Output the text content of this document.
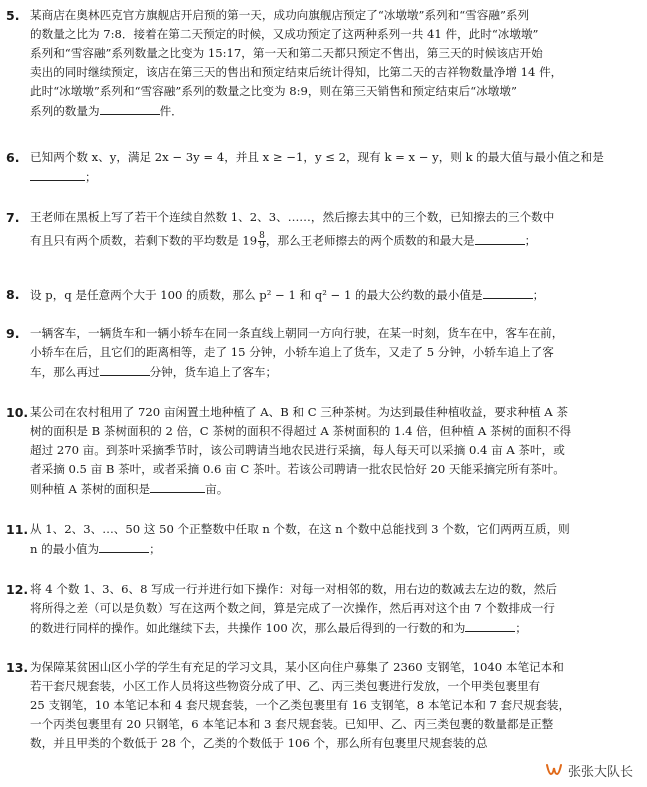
5. 某商店在奥林匹克官方旗舰店开启预的第一天，成功向旗舰店预定了“冰墩墩”系列和“雪容融”系列
的数量之比为 7:8．接着在第二天预定的时候，又成功预定了这两种系列一共 41 件，此时“冰墩墩”
系列和“雪容融”系列数量之比变为 15:17，第一天和第二天都只预定不售出，第三天的时候该店开始
卖出的同时继续预定，该店在第三天的售出和预定结束后统计得知，比第二天的吉祥物数量净增 14 件，
此时“冰墩墩”系列和“雪容融”系列的数量之比变为 8:9，则在第三天销售和预定结束后“冰墩墩”
系列的数量为	件．
6. 已知两个数 x、y，满足 2x − 3y = 4，并且 x ≥ −1，y ≤ 2，现有 k = x − y，则 k 的最大值与最小值之和是
；
7. 王老师在黑板上写了若干个连续自然数 1、2、3、……，然后擦去其中的三个数，已知擦去的三个数中
有且只有两个质数，若剩下数的平均数是 $19 \frac{8}{9}$ ，那么王老师擦去的两个质数的和最大是	；
8. 设 p，q 是任意两个大于 100 的质数，那么 p² − 1 和 q² − 1 的最大公约数的最小值是	；
9. 一辆客车，一辆货车和一辆小轿车在同一条直线上朝同一方向行驶，在某一时刻，货车在中，客车在前，
小轿车在后，且它们的距离相等，走了 15 分钟，小轿车追上了货车，又走了 5 分钟，小轿车追上了客
车，那么再过	分钟，货车追上了客车；
10. 某公司在农村租用了 720 亩闲置土地种植了 A、B 和 C 三种茶树。为达到最佳种植收益，要求种植 A 茶
树的面积是 B 茶树面积的 2 倍，C 茶树的面积不得超过 A 茶树面积的 1.4 倍，但种植 A 茶树的面积不得
超过 270 亩。到茶叶采摘季节时，该公司聘请当地农民进行采摘，每人每天可以采摘 0.4 亩 A 茶叶，或
者采摘 0.5 亩 B 茶叶，或者采摘 0.6 亩 C 茶叶。若该公司聘请一批农民恰好 20 天能采摘完所有茶叶。
则种植 A 茶树的面积是	亩。
11. 从 1、2、3、…、50 这 50 个正整数中任取 n 个数，在这 n 个数中总能找到 3 个数，它们两两互质，则
n 的最小值为	；
12. 将 4 个数 1、3、6、8 写成一行并进行如下操作：对每一对相邻的数，用右边的数减去左边的数，然后
将所得之差（可以是负数）写在这两个数之间，算是完成了一次操作，然后再对这个由 7 个数排成一行
的数进行同样的操作。如此继续下去，共操作 100 次，那么最后得到的一行数的和为	；
13. 为保障某贫困山区小学的学生有充足的学习文具，某小区向住户募集了 2360 支钢笔，1040 本笔记本和
若干套尺规套装，小区工作人员将这些物资分成了甲、乙、丙三类包裹进行发放，一个甲类包裹里有
25 支钢笔，10 本笔记本和 4 套尺规套装，一个乙类包裹里有 16 支钢笔，8 本笔记本和 7 套尺规套装，
一个丙类包裹里有 20 只钢笔，6 本笔记本和 3 套尺规套装。已知甲、乙、丙三类包裹的数量都是正整
数，并且甲类的个数低于 28 个，乙类的个数低于 106 个，那么所有包裹里尺规套装的总
张张大队长
